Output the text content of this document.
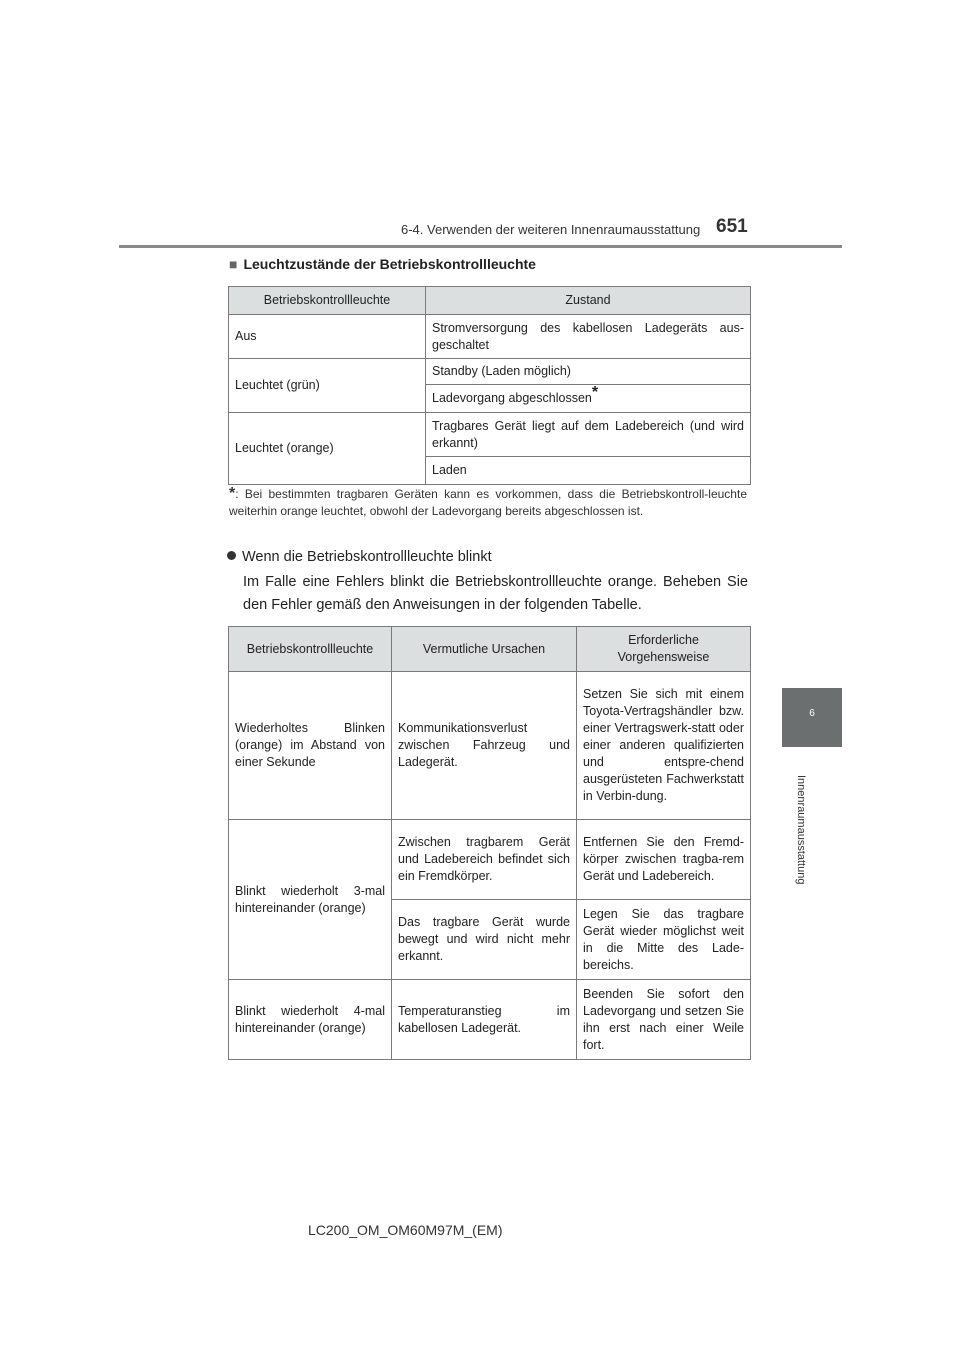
6-4. Verwenden der weiteren Innenraumausstattung 651
6
Innenraumausstattung
■ Leuchtzustände der Betriebskontrollleuchte
Betriebskontrollleuchte	Zustand
Aus	Stromversorgung des kabellosen Ladegeräts aus-geschaltet
Leuchtet (grün)	Standby (Laden möglich)
	Ladevorgang abgeschlossen*
Leuchtet (orange)	Tragbares Gerät liegt auf dem Ladebereich (und wird erkannt)
	Laden
*: Bei bestimmten tragbaren Geräten kann es vorkommen, dass die Betriebskontroll-leuchte weiterhin orange leuchtet, obwohl der Ladevorgang bereits abgeschlossen ist.
Wenn die Betriebskontrollleuchte blinkt
Im Falle eine Fehlers blinkt die Betriebskontrollleuchte orange. Beheben Sie den Fehler gemäß den Anweisungen in der folgenden Tabelle.
Betriebskontrollleuchte	Vermutliche Ursachen	Erforderliche Vorgehensweise
Wiederholtes Blinken (orange) im Abstand von einer Sekunde	Kommunikationsverlust zwischen Fahrzeug und Ladegerät.	Setzen Sie sich mit einem Toyota-Vertragshändler bzw. einer Vertragswerk-statt oder einer anderen qualifizierten und entspre-chend ausgerüsteten Fachwerkstatt in Verbin-dung.
Blinkt wiederholt 3-mal hintereinander (orange)	Zwischen tragbarem Gerät und Ladebereich befindet sich ein Fremdkörper.	Entfernen Sie den Fremd-körper zwischen tragba-rem Gerät und Ladebereich.
	Das tragbare Gerät wurde bewegt und wird nicht mehr erkannt.	Legen Sie das tragbare Gerät wieder möglichst weit in die Mitte des Lade-bereichs.
Blinkt wiederholt 4-mal hintereinander (orange)	Temperaturanstieg im kabellosen Ladegerät.	Beenden Sie sofort den Ladevorgang und setzen Sie ihn erst nach einer Weile fort.
LC200_OM_OM60M97M_(EM)
